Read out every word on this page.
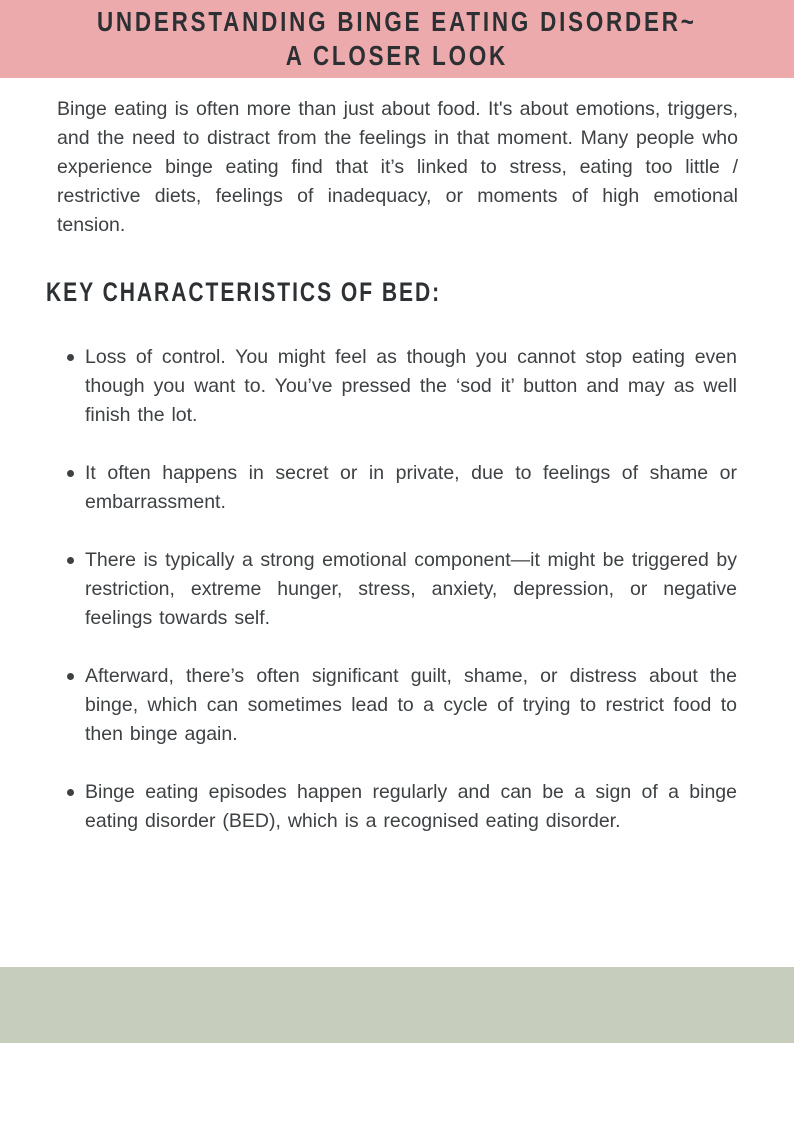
UNDERSTANDING BINGE EATING DISORDER~
A CLOSER LOOK

Binge eating is often more than just about food. It's about emotions, triggers, and the need to distract from the feelings in that moment. Many people who experience binge eating find that it’s linked to stress, eating too little / restrictive diets, feelings of inadequacy, or moments of high emotional tension.

KEY CHARACTERISTICS OF BED:
Loss of control. You might feel as though you cannot stop eating even though you want to. You’ve pressed the ‘sod it’ button and may as well finish the lot.
It often happens in secret or in private, due to feelings of shame or embarrassment.
There is typically a strong emotional component—it might be triggered by restriction, extreme hunger, stress, anxiety, depression, or negative feelings towards self.
Afterward, there’s often significant guilt, shame, or distress about the binge, which can sometimes lead to a cycle of trying to restrict food to then binge again.
Binge eating episodes happen regularly and can be a sign of a binge eating disorder (BED), which is a recognised eating disorder.
